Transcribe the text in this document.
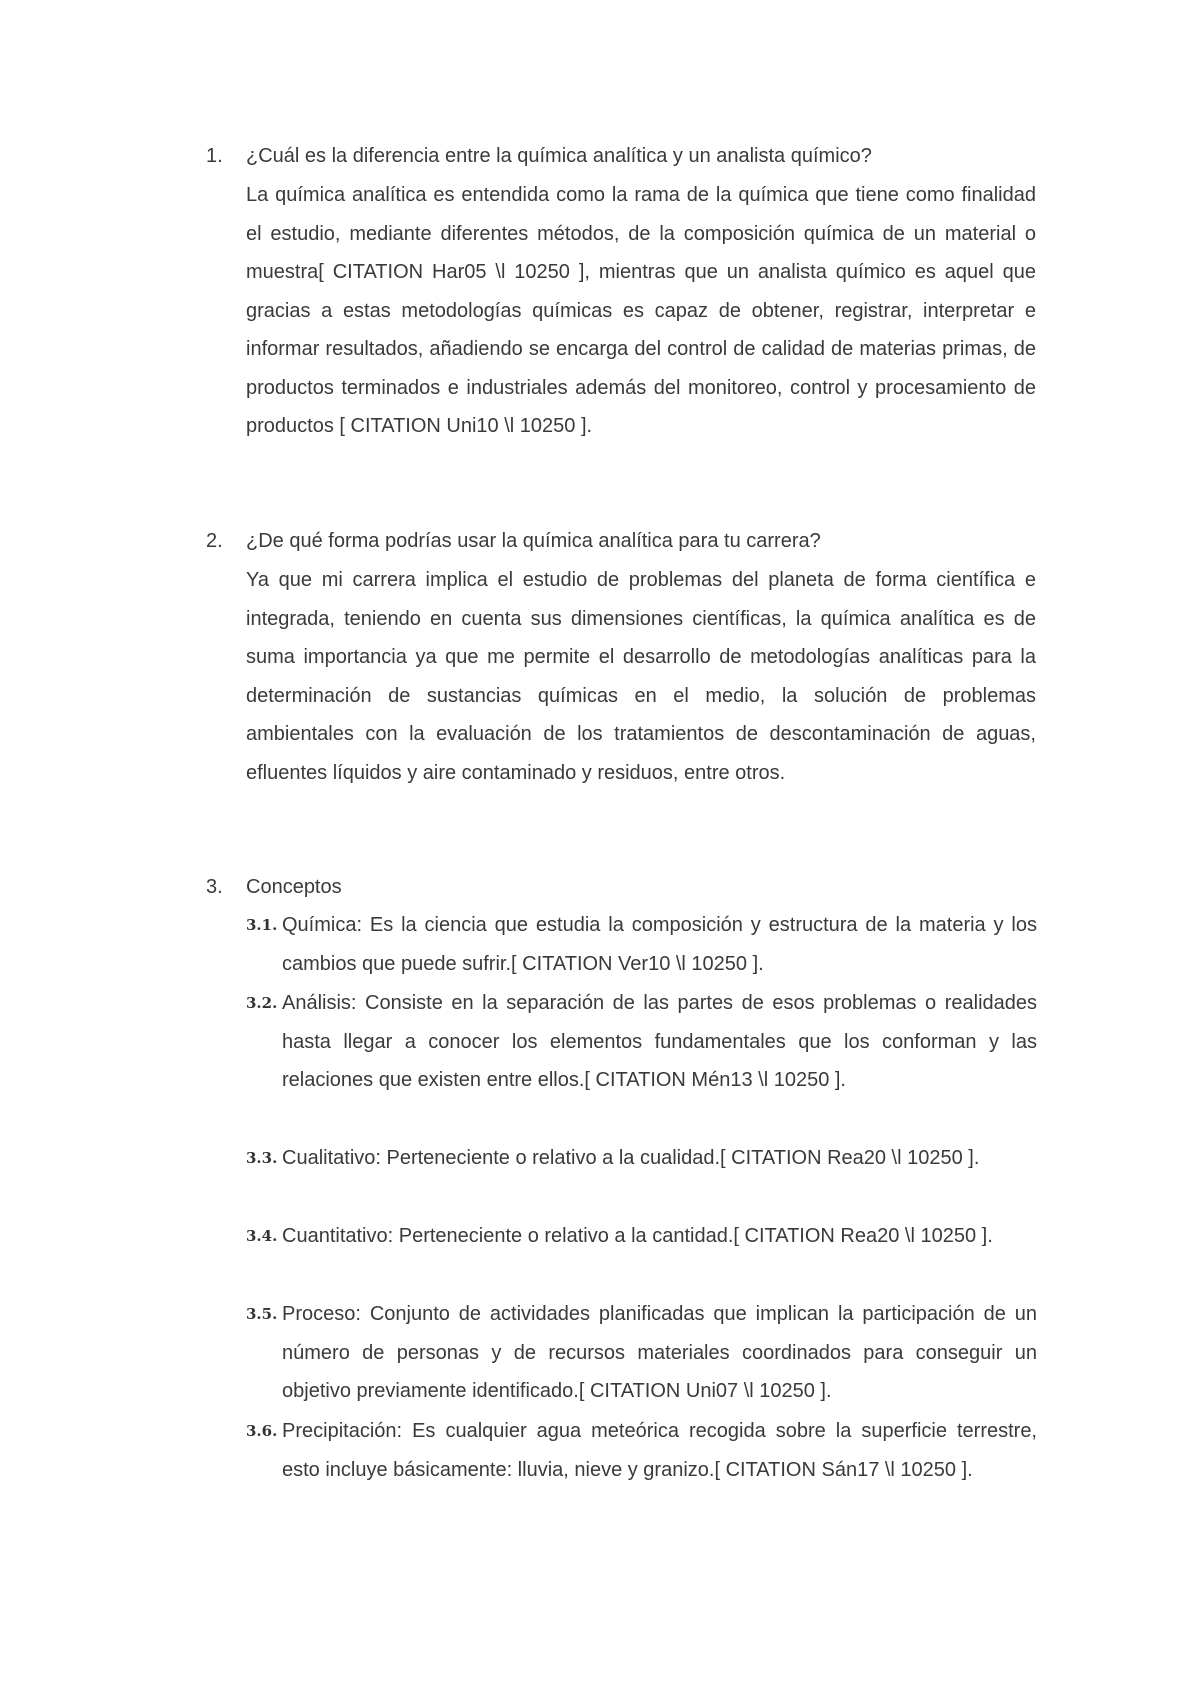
1.	¿Cuál es la diferencia entre la química analítica y un analista químico?

La química analítica es entendida como la rama de la química que tiene como finalidad el estudio, mediante diferentes métodos, de la composición química de un material o muestra[ CITATION Har05 \l 10250 ], mientras que un analista químico es aquel que gracias a estas metodologías químicas es capaz de obtener, registrar, interpretar e informar resultados, añadiendo se encarga del control de calidad de materias primas, de productos terminados e industriales además del monitoreo, control y procesamiento de productos [ CITATION Uni10 \l 10250 ].

2.	¿De qué forma podrías usar la química analítica para tu carrera?

Ya que mi carrera implica el estudio de problemas del planeta de forma científica e integrada, teniendo en cuenta sus dimensiones científicas, la química analítica es de suma importancia ya que me permite el desarrollo de metodologías analíticas para la determinación de sustancias químicas en el medio, la solución de problemas ambientales con la evaluación de los tratamientos de descontaminación de aguas, efluentes líquidos y aire contaminado y residuos, entre otros.

3.	Conceptos
3.1. Química: Es la ciencia que estudia la composición y estructura de la materia y los cambios que puede sufrir.[ CITATION Ver10 \l 10250 ].

3.2. Análisis: Consiste en la separación de las partes de esos problemas o realidades hasta llegar a conocer los elementos fundamentales que los conforman y las relaciones que existen entre ellos.[ CITATION Mén13 \l 10250 ].

3.3. Cualitativo: Perteneciente o relativo a la cualidad.[ CITATION Rea20 \l 10250 ].

3.4. Cuantitativo: Perteneciente o relativo a la cantidad.[ CITATION Rea20 \l 10250 ].

3.5. Proceso: Conjunto de actividades planificadas que implican la participación de un número de personas y de recursos materiales coordinados para conseguir un objetivo previamente identificado.[ CITATION Uni07 \l 10250 ].

3.6. Precipitación: Es cualquier agua meteórica recogida sobre la superficie terrestre, esto incluye básicamente: lluvia, nieve y granizo.[ CITATION Sán17 \l 10250 ].
